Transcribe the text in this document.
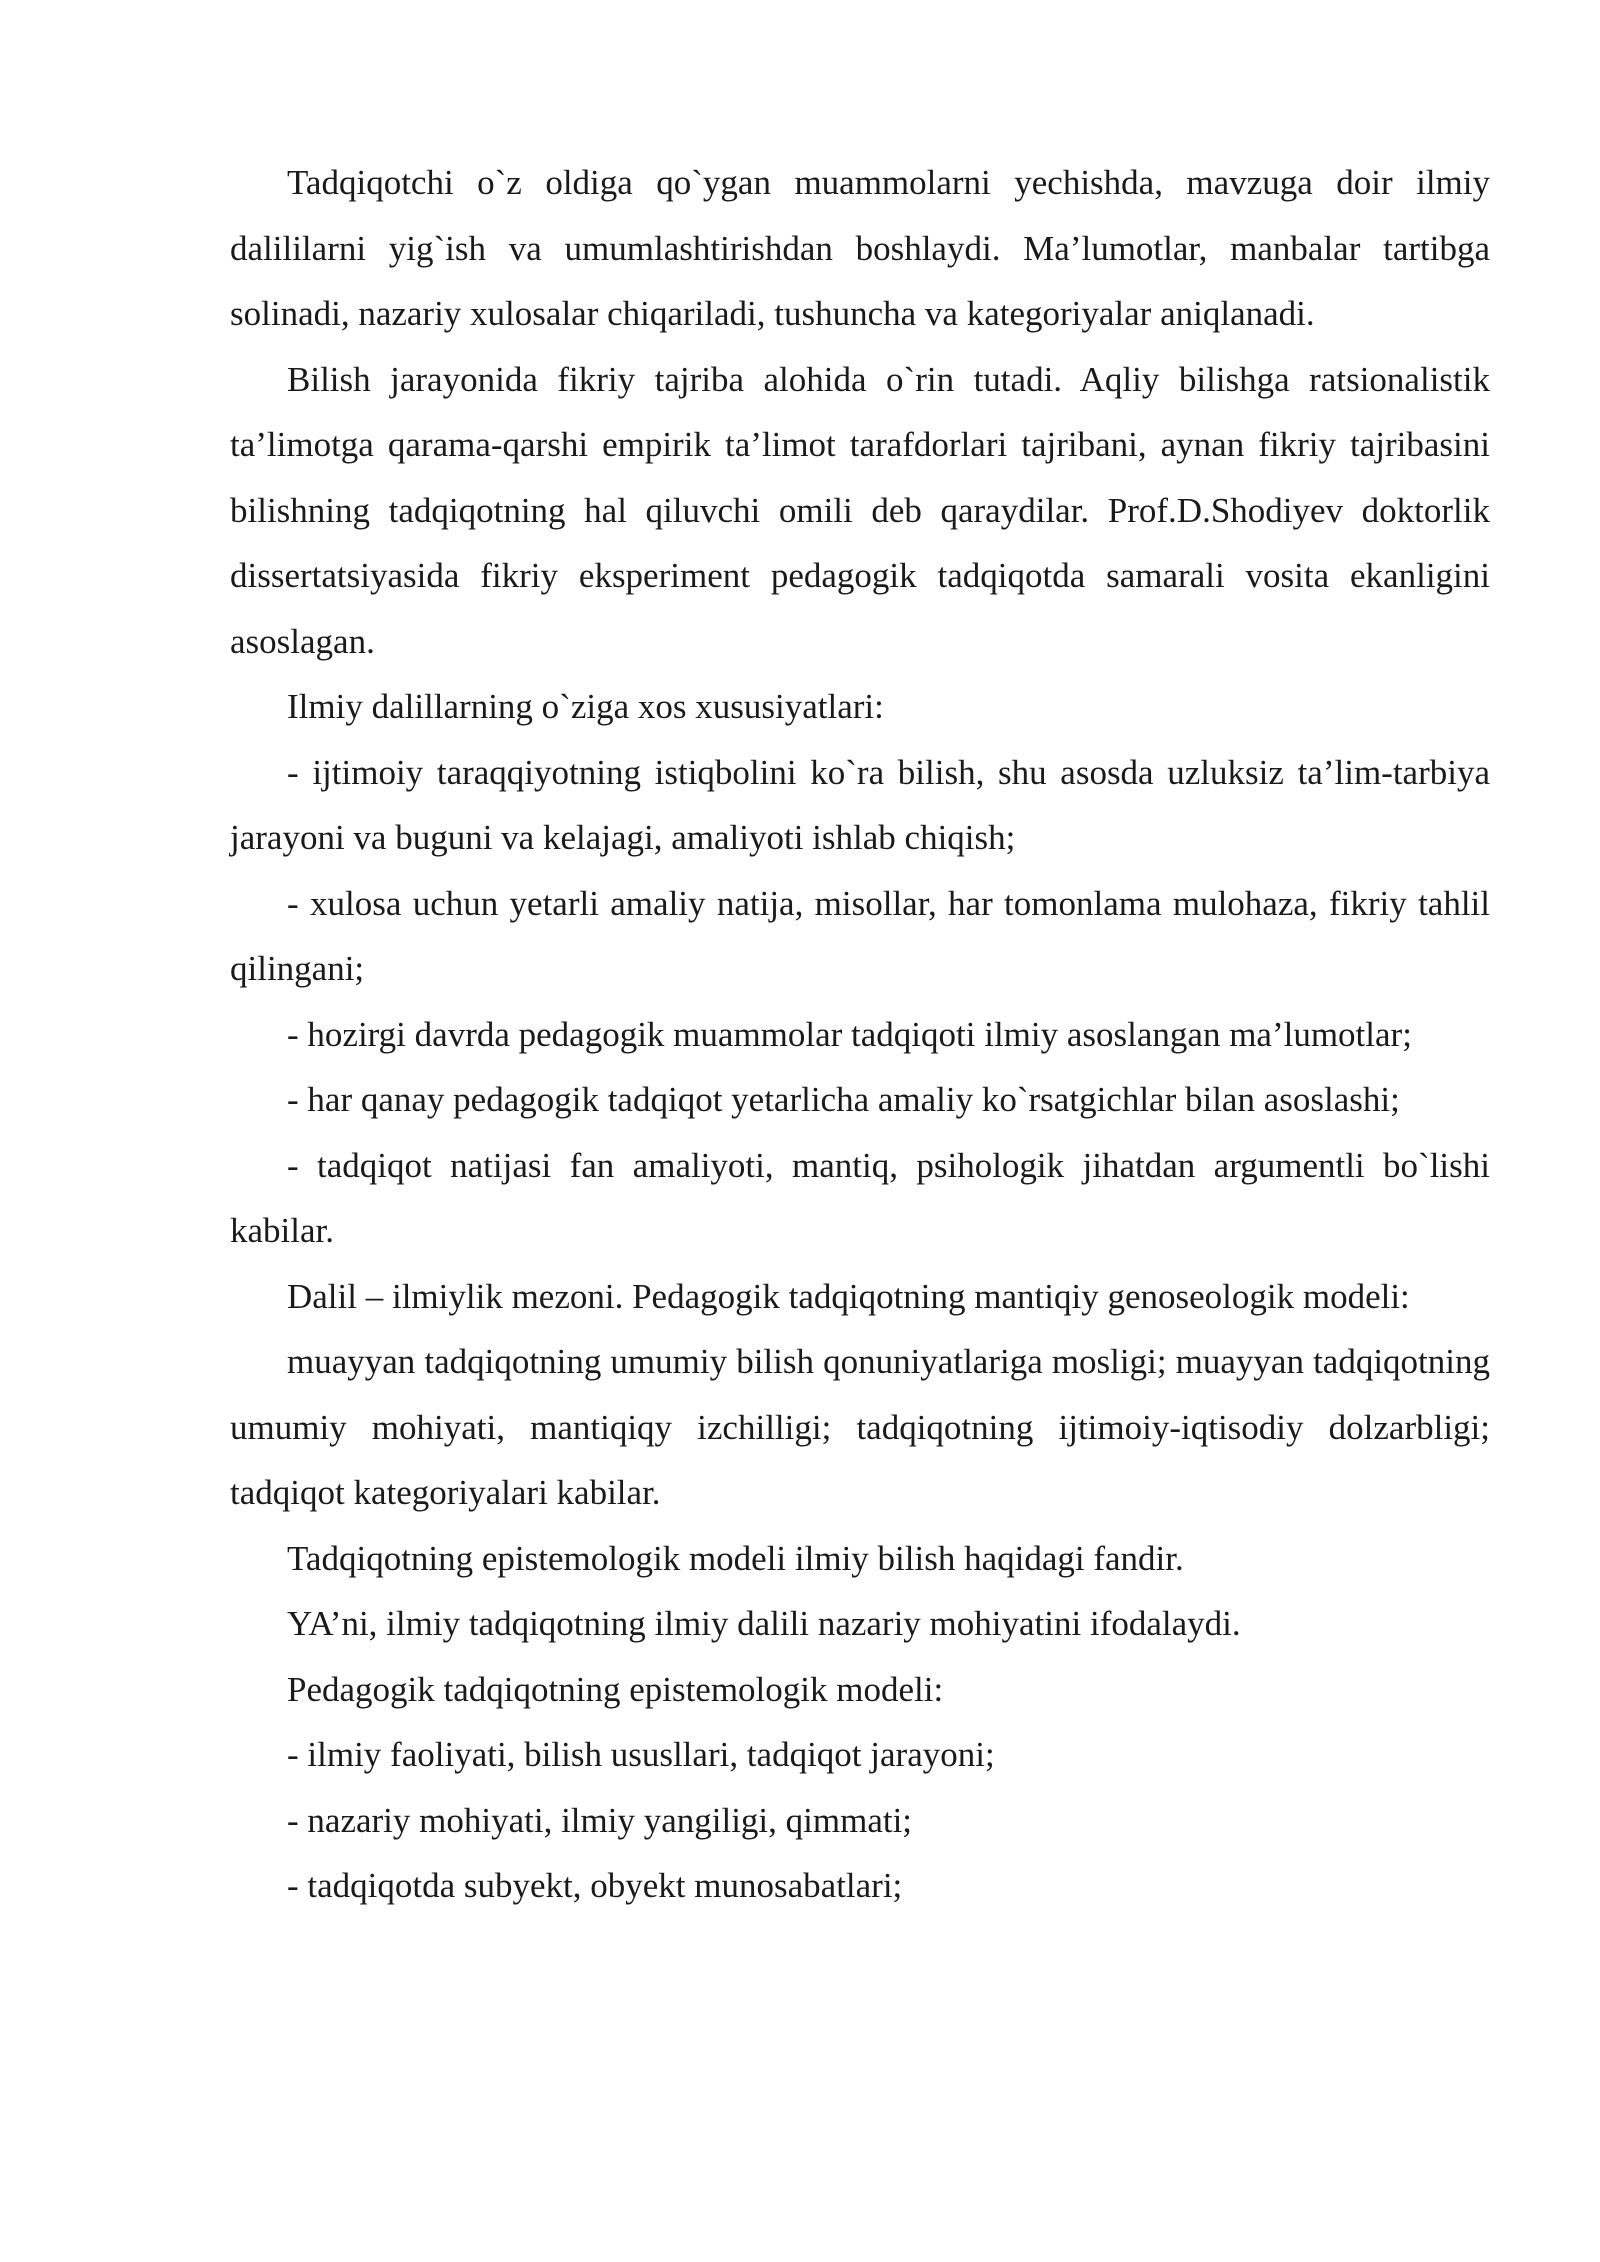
Tadqiqotchi o`z oldiga qo`ygan muammolarni yechishda, mavzuga doir ilmiy dalililarni yig`ish va umumlashtirishdan boshlaydi. Ma’lumotlar, manbalar tartibga solinadi, nazariy xulosalar chiqariladi, tushuncha va kategoriyalar aniqlanadi.

Bilish jarayonida fikriy tajriba alohida o`rin tutadi. Aqliy bilishga ratsionalistik ta’limotga qarama-qarshi empirik ta’limot tarafdorlari tajribani, aynan fikriy tajribasini bilishning tadqiqotning hal qiluvchi omili deb qaraydilar. Prof.D.Shodiyev doktorlik dissertatsiyasida fikriy eksperiment pedagogik tadqiqotda samarali vosita ekanligini asoslagan.

Ilmiy dalillarning o`ziga xos xususiyatlari:

- ijtimoiy taraqqiyotning istiqbolini ko`ra bilish, shu asosda uzluksiz ta’lim-tarbiya jarayoni va buguni va kelajagi, amaliyoti ishlab chiqish;

- xulosa uchun yetarli amaliy natija, misollar, har tomonlama mulohaza, fikriy tahlil qilingani;

- hozirgi davrda pedagogik muammolar tadqiqoti ilmiy asoslangan ma’lumotlar;

- har qanay pedagogik tadqiqot yetarlicha amaliy ko`rsatgichlar bilan asoslashi;

- tadqiqot natijasi fan amaliyoti, mantiq, psihologik jihatdan argumentli bo`lishi kabilar.

Dalil – ilmiylik mezoni. Pedagogik tadqiqotning mantiqiy genoseologik modeli:

muayyan tadqiqotning umumiy bilish qonuniyatlariga mosligi; muayyan tadqiqotning umumiy mohiyati, mantiqiqy izchilligi; tadqiqotning ijtimoiy-iqtisodiy dolzarbligi; tadqiqot kategoriyalari kabilar.

Tadqiqotning epistemologik modeli ilmiy bilish haqidagi fandir.

YA’ni, ilmiy tadqiqotning ilmiy dalili nazariy mohiyatini ifodalaydi.

Pedagogik tadqiqotning epistemologik modeli:

- ilmiy faoliyati, bilish ususllari, tadqiqot jarayoni;

- nazariy mohiyati, ilmiy yangiligi, qimmati;

- tadqiqotda subyekt, obyekt munosabatlari;
